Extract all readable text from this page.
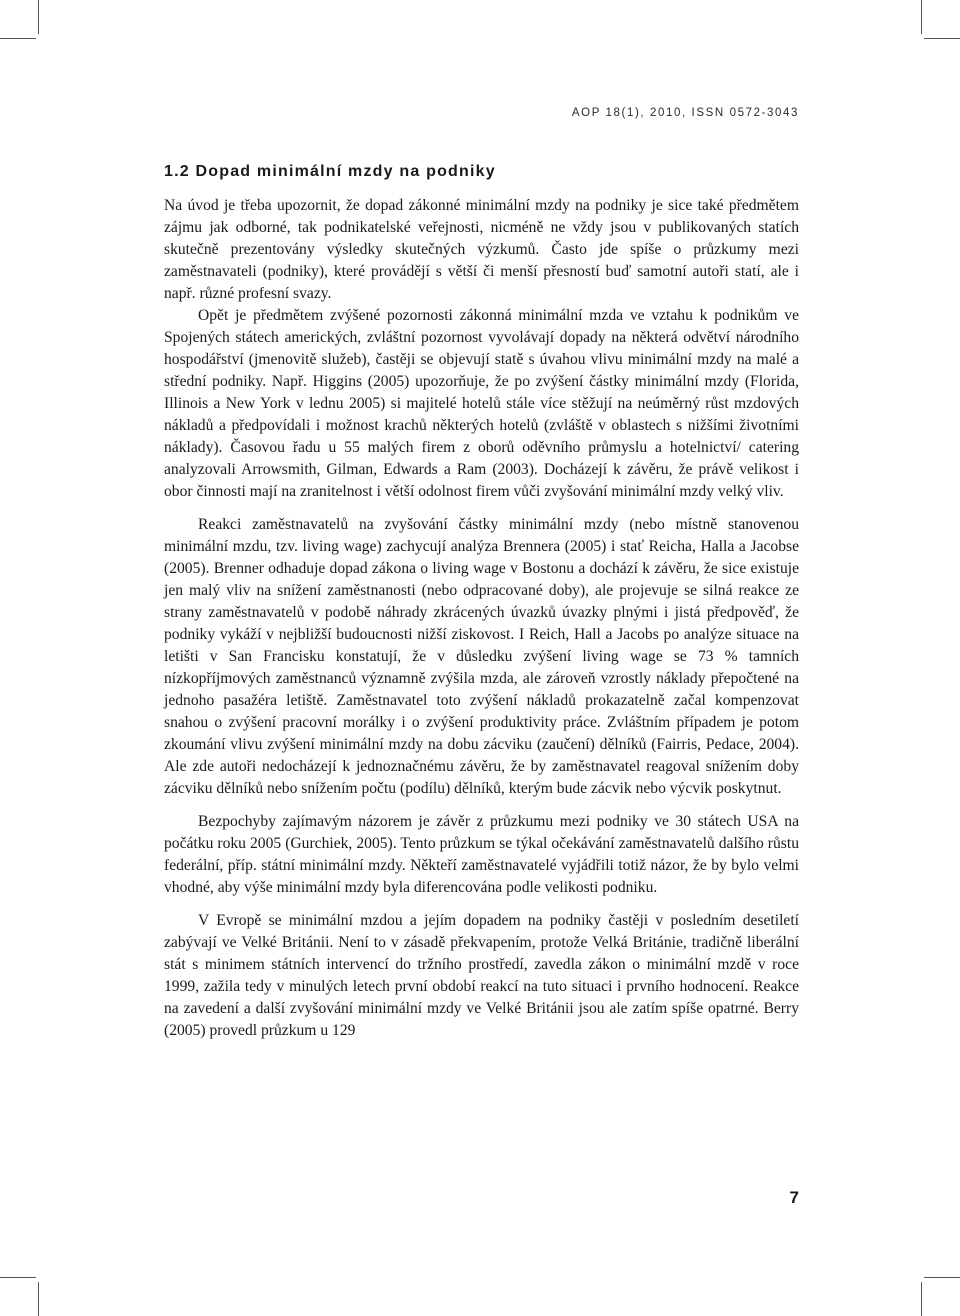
AOP 18(1), 2010, ISSN 0572-3043
1.2 Dopad minimální mzdy na podniky

Na úvod je třeba upozornit, že dopad zákonné minimální mzdy na podniky je sice také předmětem zájmu jak odborné, tak podnikatelské veřejnosti, nicméně ne vždy jsou v publikovaných statích skutečně prezentovány výsledky skutečných výzkumů. Často jde spíše o průzkumy mezi zaměstnavateli (podniky), které provádějí s větší či menší přesností buď samotní autoři statí, ale i např. různé profesní svazy.

Opět je předmětem zvýšené pozornosti zákonná minimální mzda ve vztahu k podnikům ve Spojených státech amerických, zvláštní pozornost vyvolávají dopady na některá odvětví národního hospodářství (jmenovitě služeb), častěji se objevují statě s úvahou vlivu minimální mzdy na malé a střední podniky. Např. Higgins (2005) upozorňuje, že po zvýšení částky minimální mzdy (Florida, Illinois a New York v lednu 2005) si majitelé hotelů stále více stěžují na neúměrný růst mzdových nákladů a předpovídali i možnost krachů některých hotelů (zvláště v oblastech s nižšími životními náklady). Časovou řadu u 55 malých firem z oborů oděvního průmyslu a hotelnictví/ catering analyzovali Arrowsmith, Gilman, Edwards a Ram (2003). Docházejí k závěru, že právě velikost i obor činnosti mají na zranitelnost i větší odolnost firem vůči zvyšování minimální mzdy velký vliv.

Reakci zaměstnavatelů na zvyšování částky minimální mzdy (nebo místně stanovenou minimální mzdu, tzv. living wage) zachycují analýza Brennera (2005) i stať Reicha, Halla a Jacobse (2005). Brenner odhaduje dopad zákona o living wage v Bostonu a dochází k závěru, že sice existuje jen malý vliv na snížení zaměstnanosti (nebo odpracované doby), ale projevuje se silná reakce ze strany zaměstnavatelů v podobě náhrady zkrácených úvazků úvazky plnými i jistá předpověď, že podniky vykáží v nejbližší budoucnosti nižší ziskovost. I Reich, Hall a Jacobs po analýze situace na letišti v San Francisku konstatují, že v důsledku zvýšení living wage se 73 % tamních nízkopříjmových zaměstnanců významně zvýšila mzda, ale zároveň vzrostly náklady přepočtené na jednoho pasažéra letiště. Zaměstnavatel toto zvýšení nákladů prokazatelně začal kompenzovat snahou o zvýšení pracovní morálky i o zvýšení produktivity práce. Zvláštním případem je potom zkoumání vlivu zvýšení minimální mzdy na dobu zácviku (zaučení) dělníků (Fairris, Pedace, 2004). Ale zde autoři nedocházejí k jednoznačnému závěru, že by zaměstnavatel reagoval snížením doby zácviku dělníků nebo snížením počtu (podílu) dělníků, kterým bude zácvik nebo výcvik poskytnut.

Bezpochyby zajímavým názorem je závěr z průzkumu mezi podniky ve 30 státech USA na počátku roku 2005 (Gurchiek, 2005). Tento průzkum se týkal očekávání zaměstnavatelů dalšího růstu federální, příp. státní minimální mzdy. Někteří zaměstnavatelé vyjádřili totiž názor, že by bylo velmi vhodné, aby výše minimální mzdy byla diferencována podle velikosti podniku.

V Evropě se minimální mzdou a jejím dopadem na podniky častěji v posledním desetiletí zabývají ve Velké Británii. Není to v zásadě překvapením, protože Velká Británie, tradičně liberální stát s minimem státních intervencí do tržního prostředí, zavedla zákon o minimální mzdě v roce 1999, zažila tedy v minulých letech první období reakcí na tuto situaci i prvního hodnocení. Reakce na zavedení a další zvyšování minimální mzdy ve Velké Británii jsou ale zatím spíše opatrné. Berry (2005) provedl průzkum u 129

7
